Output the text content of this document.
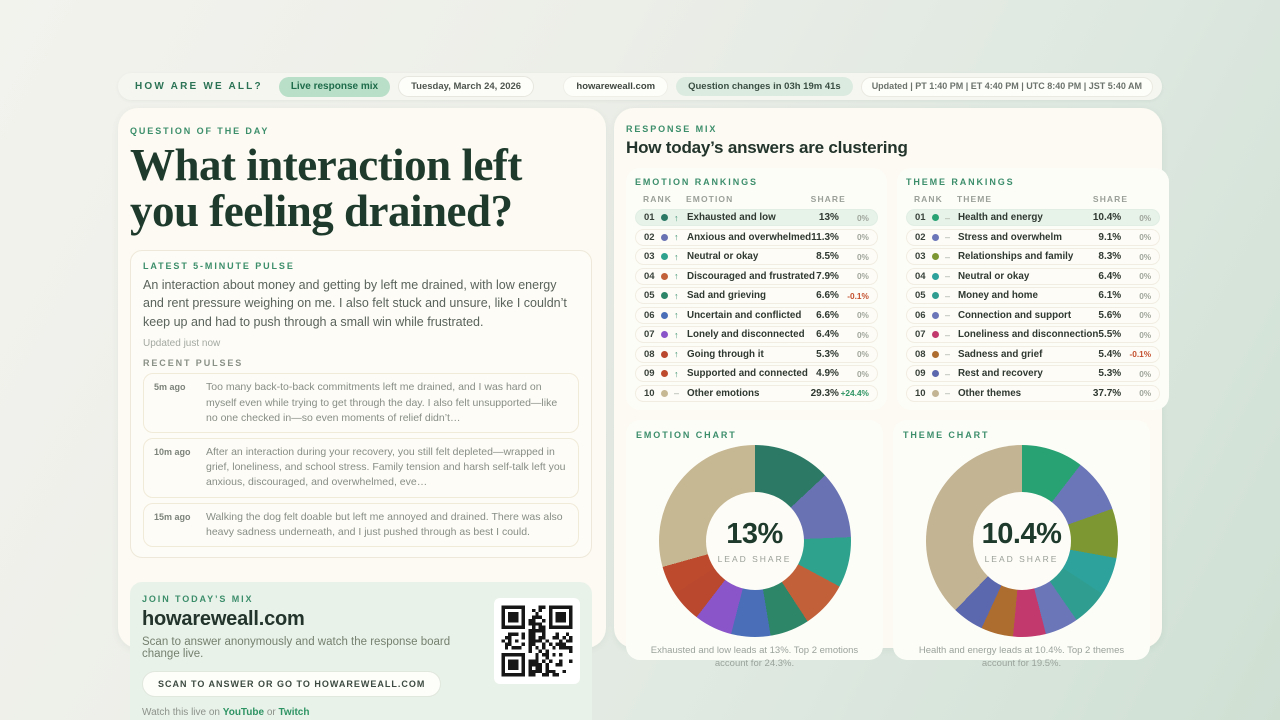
HOW ARE WE ALL?	Live response mix	Tuesday, March 24, 2026	howareweall.com	Question changes in 03h 19m 41s	Updated | PT 1:40 PM | ET 4:40 PM | UTC 8:40 PM | JST 5:40 AM
QUESTION OF THE DAY
What interaction left you feeling drained?
LATEST 5-MINUTE PULSE

An interaction about money and getting by left me drained, with low energy and rent pressure weighing on me. I also felt stuck and unsure, like I couldn’t keep up and had to push through a small win while frustrated.

Updated just now
RECENT PULSES
5m ago	Too many back-to-back commitments left me drained, and I was hard on myself even while trying to get through the day. I also felt unsupported—like no one checked in—so even moments of relief didn’t…
10m ago	After an interaction during your recovery, you still felt depleted—wrapped in grief, loneliness, and school stress. Family tension and harsh self-talk left you anxious, discouraged, and overwhelmed, eve…
15m ago	Walking the dog felt doable but left me annoyed and drained. There was also heavy sadness underneath, and I just pushed through as best I could.
JOIN TODAY’S MIX
howareweall.com
Scan to answer anonymously and watch the response board change live.
SCAN TO ANSWER OR GO TO HOWAREWEALL.COM
Watch this live on YouTube or Twitch
RESPONSE MIX
How today’s answers are clustering
EMOTION RANKINGS
RANK	EMOTION	SHARE
01	↑ Exhausted and low	13%	0%
02	↑ Anxious and overwhelmed 11.3%	0%
03	↑ Neutral or okay	8.5%	0%
04	↑ Discouraged and frustrated 7.9%	0%
05	↑ Sad and grieving	6.6%	-0.1%
06	↑ Uncertain and conflicted	6.6%	0%
07	↑ Lonely and disconnected	6.4%	0%
08	↑ Going through it	5.3%	0%
09	↑ Supported and connected 4.9%	0%
10	– Other emotions	29.3% +24.4%
THEME RANKINGS
RANK	THEME	SHARE
01	– Health and energy	10.4%	0%
02	– Stress and overwhelm	9.1%	0%
03	– Relationships and family	8.3%	0%
04	– Neutral or okay	6.4%	0%
05	– Money and home	6.1%	0%
06	– Connection and support	5.6%	0%
07	– Loneliness and disconnection 5.5%	0%
08	– Sadness and grief	5.4%	-0.1%
09	– Rest and recovery	5.3%	0%
10	– Other themes	37.7%	0%
EMOTION CHART
13%
LEAD SHARE
Exhausted and low leads at 13%. Top 2 emotions account for 24.3%.
THEME CHART
10.4%
LEAD SHARE
Health and energy leads at 10.4%. Top 2 themes account for 19.5%.
